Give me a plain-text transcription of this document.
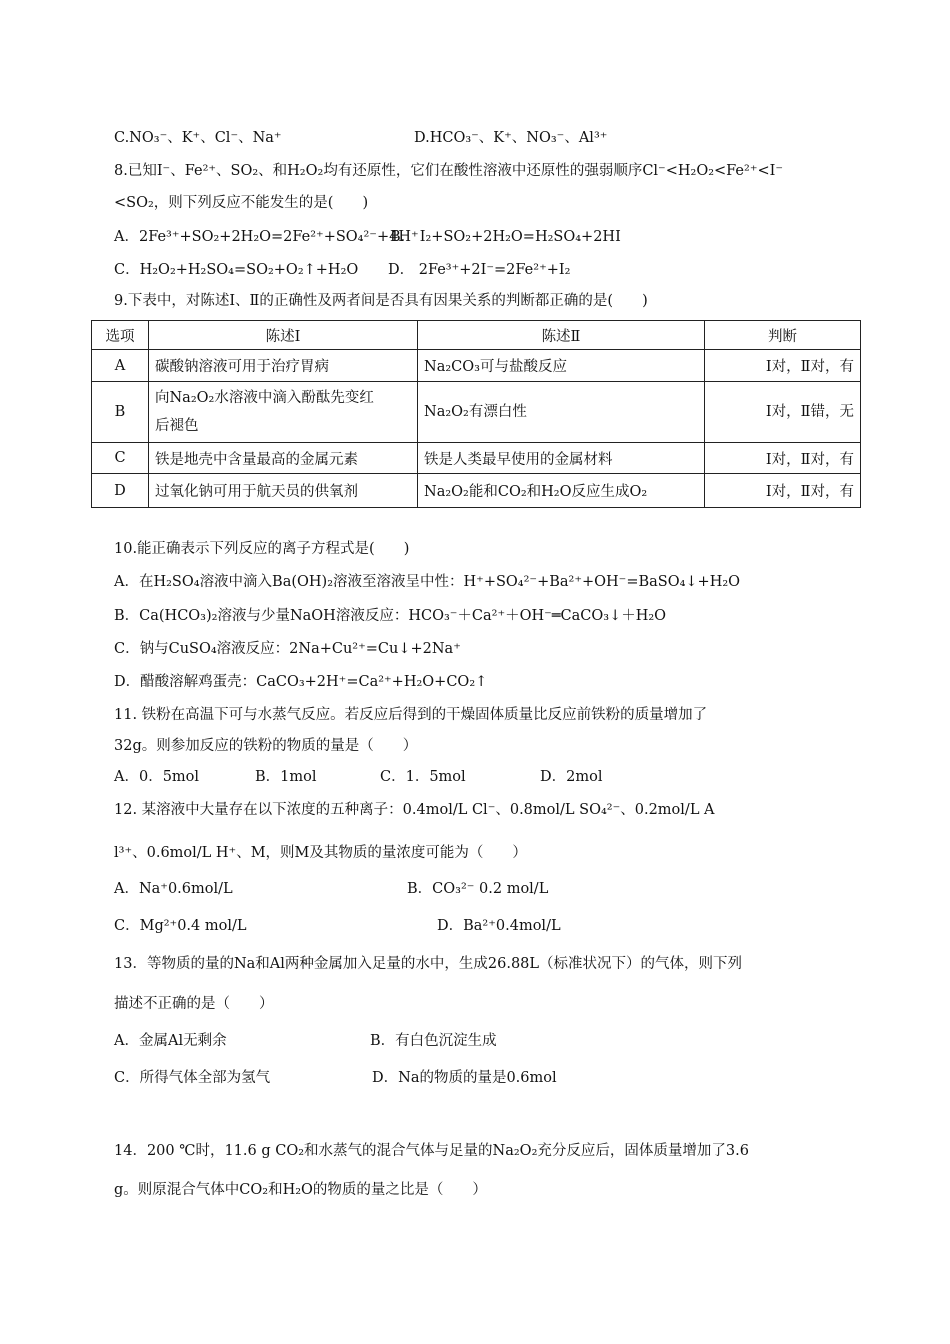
C.NO₃⁻、K⁺、Cl⁻、Na⁺	D.HCO₃⁻、K⁺、NO₃⁻、Al³⁺
8.已知I⁻、Fe²⁺、SO₂、和H₂O₂均有还原性，它们在酸性溶液中还原性的强弱顺序Cl⁻<H₂O₂<Fe²⁺<I⁻
<SO₂，则下列反应不能发生的是(　　)
A．2Fe³⁺+SO₂+2H₂O=2Fe²⁺+SO₄²⁻+4H⁺
B． I₂+SO₂+2H₂O=H₂SO₄+2HI
C．H₂O₂+H₂SO₄=SO₂+O₂↑+H₂O D． 2Fe³⁺+2I⁻=2Fe²⁺+I₂
9.下表中，对陈述Ⅰ、Ⅱ的正确性及两者间是否具有因果关系的判断都正确的是(　　)
选项	陈述Ⅰ	陈述Ⅱ	判断
A	碳酸钠溶液可用于治疗胃病	Na₂CO₃可与盐酸反应	Ⅰ对，Ⅱ对，有
B	向Na₂O₂水溶液中滴入酚酞先变红
后褪色	Na₂O₂有漂白性	Ⅰ对，Ⅱ错，无
C	铁是地壳中含量最高的金属元素	铁是人类最早使用的金属材料	Ⅰ对，Ⅱ对，有
D	过氧化钠可用于航天员的供氧剂	Na₂O₂能和CO₂和H₂O反应生成O₂	Ⅰ对，Ⅱ对，有
10.能正确表示下列反应的离子方程式是(　　)
A．在H₂SO₄溶液中滴入Ba(OH)₂溶液至溶液呈中性：H⁺+SO₄²⁻+Ba²⁺+OH⁻=BaSO₄↓+H₂O
B．Ca(HCO₃)₂溶液与少量NaOH溶液反应：HCO₃⁻＋Ca²⁺＋OH⁻═CaCO₃↓＋H₂O
C．钠与CuSO₄溶液反应：2Na+Cu²⁺=Cu↓+2Na⁺
D．醋酸溶解鸡蛋壳：CaCO₃+2H⁺=Ca²⁺+H₂O+CO₂↑
11. 铁粉在高温下可与水蒸气反应。若反应后得到的干燥固体质量比反应前铁粉的质量增加了
32g。则参加反应的铁粉的物质的量是（　　）
A．0．5mol	B．1mol	C．1．5mol	D．2mol
12. 某溶液中大量存在以下浓度的五种离子：0.4mol/L Cl⁻、0.8mol/L SO₄²⁻、0.2mol/L A
l³⁺、0.6mol/L H⁺、M，则M及其物质的量浓度可能为（　　）
A．Na⁺0.6mol/L	B．CO₃²⁻ 0.2 mol/L
C．Mg²⁺0.4 mol/L	D．Ba²⁺0.4mol/L
13．等物质的量的Na和Al两种金属加入足量的水中，生成26.88L（标准状况下）的气体，则下列
描述不正确的是（　　）
A．金属Al无剩余	B．有白色沉淀生成
C．所得气体全部为氢气	D．Na的物质的量是0.6mol
14．200 ℃时，11.6 g CO₂和水蒸气的混合气体与足量的Na₂O₂充分反应后，固体质量增加了3.6
g。则原混合气体中CO₂和H₂O的物质的量之比是（　　）
